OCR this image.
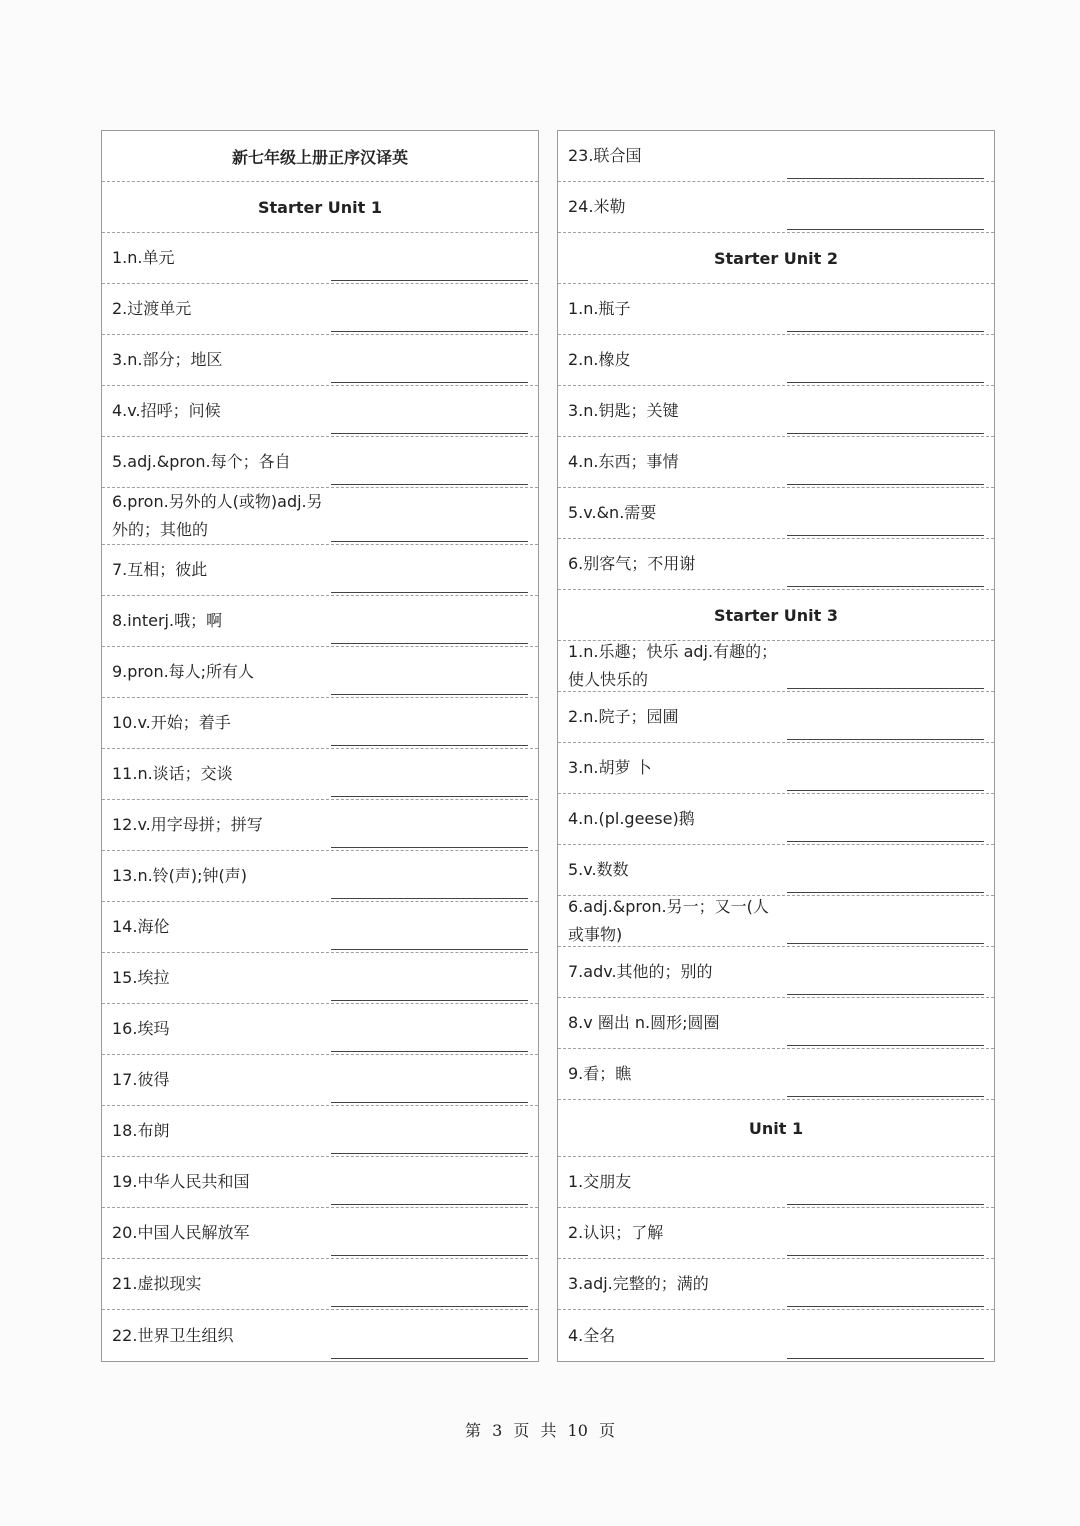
新七年级上册正序汉译英
Starter Unit 1
1.n.单元
2.过渡单元
3.n.部分；地区
4.v.招呼；问候
5.adj.&pron.每个；各自
6.pron.另外的人(或物)adj.另外的；其他的
7.互相；彼此
8.interj.哦；啊
9.pron.每人;所有人
10.v.开始；着手
11.n.谈话；交谈
12.v.用字母拼；拼写
13.n.铃(声);钟(声)
14.海伦
15.埃拉
16.埃玛
17.彼得
18.布朗
19.中华人民共和国
20.中国人民解放军
21.虚拟现实
22.世界卫生组织
23.联合国
24.米勒
Starter Unit 2
1.n.瓶子
2.n.橡皮
3.n.钥匙；关键
4.n.东西；事情
5.v.&n.需要
6.别客气；不用谢
Starter Unit 3
1.n.乐趣；快乐 adj.有趣的；使人快乐的
2.n.院子；园圃
3.n.胡萝 卜
4.n.(pl.geese)鹅
5.v.数数
6.adj.&pron.另一；又一(人或事物)
7.adv.其他的；别的
8.v 圈出 n.圆形;圆圈
9.看；瞧
Unit 1
1.交朋友
2.认识；了解
3.adj.完整的；满的
4.全名
第 3 页 共 10 页
